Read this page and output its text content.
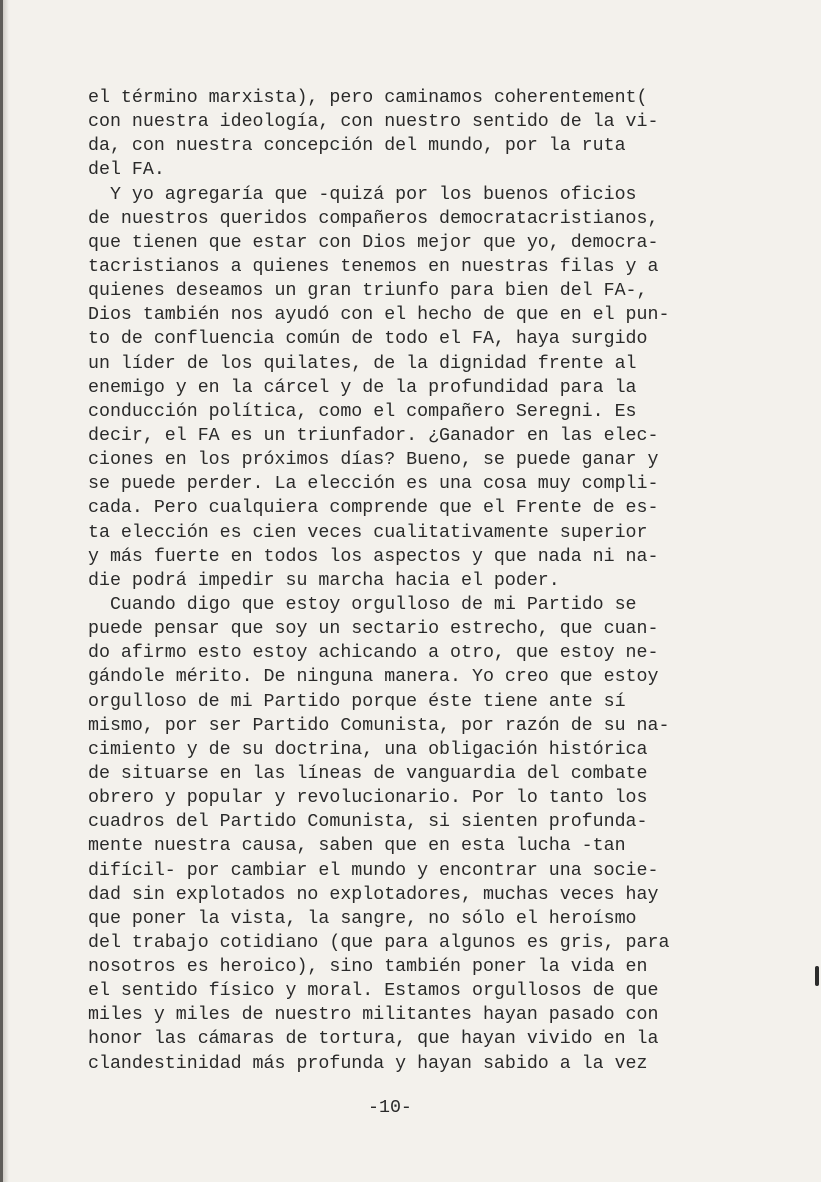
el término marxista), pero caminamos coherentement(
con nuestra ideología, con nuestro sentido de la vi-
da, con nuestra concepción del mundo, por la ruta
del FA.
Y yo agregaría que -quizá por los buenos oficios
de nuestros queridos compañeros democratacristianos,
que tienen que estar con Dios mejor que yo, democra-
tacristianos a quienes tenemos en nuestras filas y a
quienes deseamos un gran triunfo para bien del FA-,
Dios también nos ayudó con el hecho de que en el pun-
to de confluencia común de todo el FA, haya surgido
un líder de los quilates, de la dignidad frente al
enemigo y en la cárcel y de la profundidad para la
conducción política, como el compañero Seregni. Es
decir, el FA es un triunfador. ¿Ganador en las elec-
ciones en los próximos días? Bueno, se puede ganar y
se puede perder. La elección es una cosa muy compli-
cada. Pero cualquiera comprende que el Frente de es-
ta elección es cien veces cualitativamente superior
y más fuerte en todos los aspectos y que nada ni na-
die podrá impedir su marcha hacia el poder.
Cuando digo que estoy orgulloso de mi Partido se
puede pensar que soy un sectario estrecho, que cuan-
do afirmo esto estoy achicando a otro, que estoy ne-
gándole mérito. De ninguna manera. Yo creo que estoy
orgulloso de mi Partido porque éste tiene ante sí
mismo, por ser Partido Comunista, por razón de su na-
cimiento y de su doctrina, una obligación histórica
de situarse en las líneas de vanguardia del combate
obrero y popular y revolucionario. Por lo tanto los
cuadros del Partido Comunista, si sienten profunda-
mente nuestra causa, saben que en esta lucha -tan
difícil- por cambiar el mundo y encontrar una socie-
dad sin explotados no explotadores, muchas veces hay
que poner la vista, la sangre, no sólo el heroísmo
del trabajo cotidiano (que para algunos es gris, para
nosotros es heroico), sino también poner la vida en
el sentido físico y moral. Estamos orgullosos de que
miles y miles de nuestro militantes hayan pasado con
honor las cámaras de tortura, que hayan vivido en la
clandestinidad más profunda y hayan sabido a la vez
-10-
